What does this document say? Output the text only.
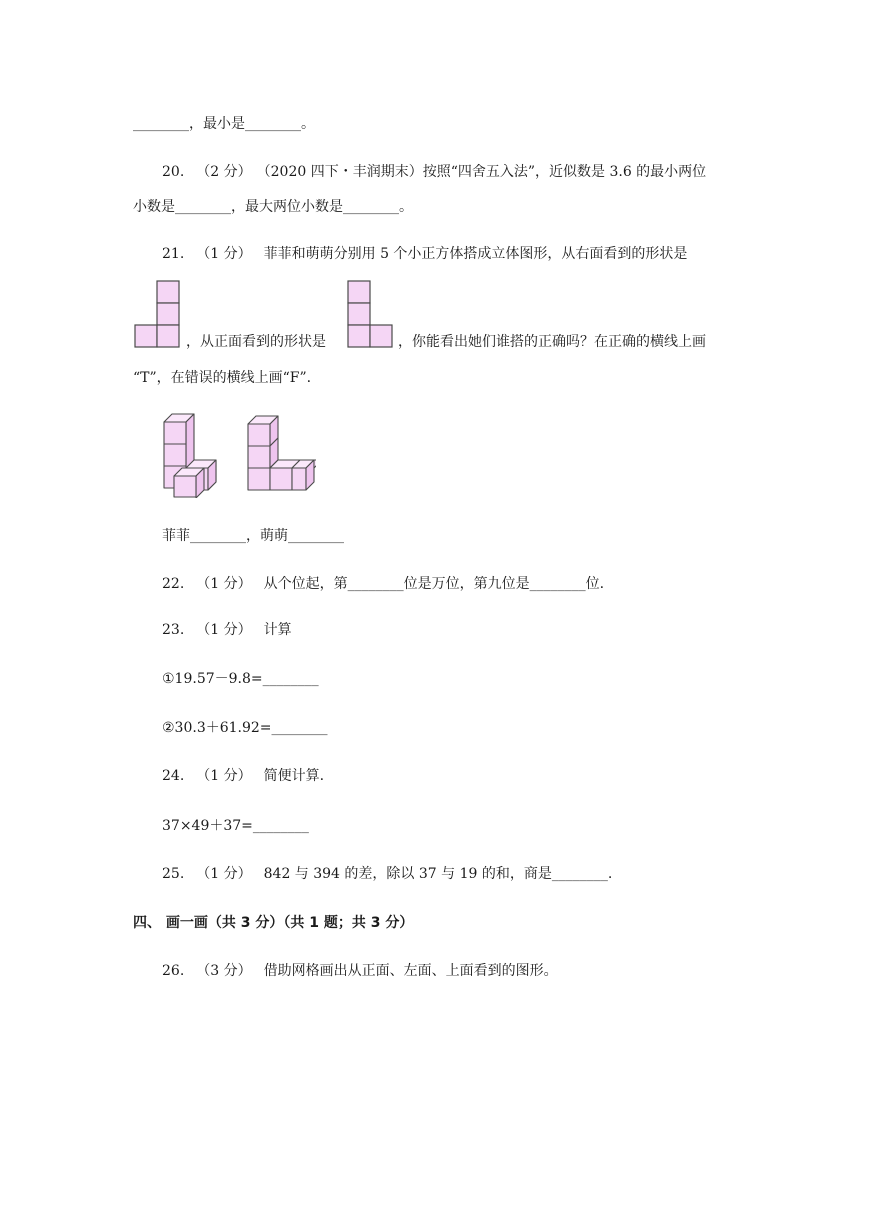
________，最小是________。
20. （2 分） （2020 四下・丰润期末）按照“四舍五入法”，近似数是 3.6 的最小两位
小数是________，最大两位小数是________。
21. （1 分） 菲菲和萌萌分别用 5 个小正方体搭成立体图形，从右面看到的形状是
，从正面看到的形状是	，你能看出她们谁搭的正确吗？在正确的横线上画
“T”，在错误的横线上画“F”.
菲菲________，萌萌________
22. （1 分） 从个位起，第________位是万位，第九位是________位.
23. （1 分） 计算
①19.57－9.8=________
②30.3＋61.92=________
24. （1 分） 简便计算.
37×49＋37=________
25. （1 分） 842 与 394 的差，除以 37 与 19 的和，商是________.
四、 画一画（共 3 分）（共 1 题；共 3 分）
26. （3 分） 借助网格画出从正面、左面、上面看到的图形。
